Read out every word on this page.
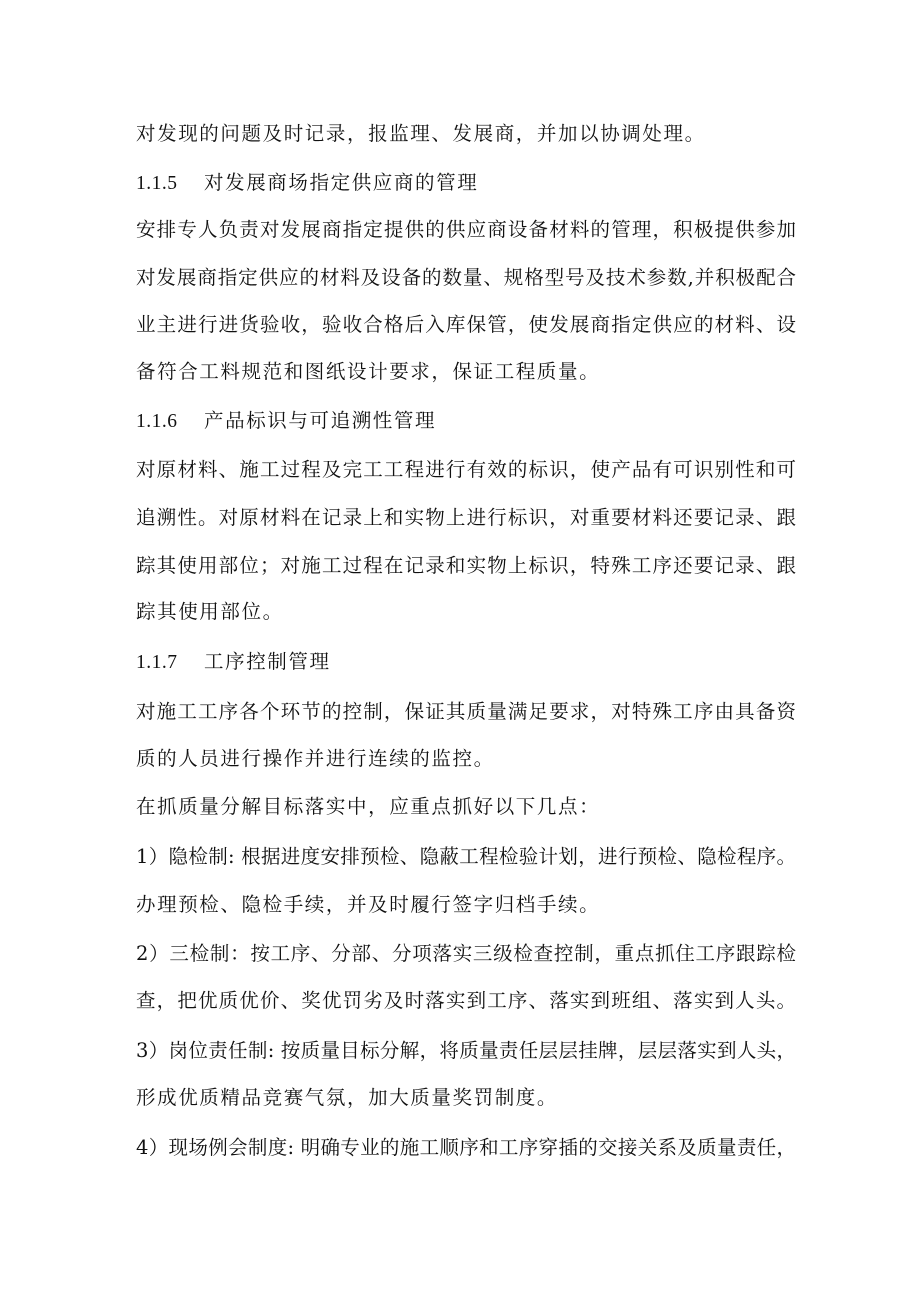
对发现的问题及时记录，报监理、发展商，并加以协调处理。
1.1.5 对发展商场指定供应商的管理
安排专人负责对发展商指定提供的供应商设备材料的管理，积极提供参加
对发展商指定供应的材料及设备的数量、规格型号及技术参数,并积极配合
业主进行进货验收，验收合格后入库保管，使发展商指定供应的材料、设
备符合工料规范和图纸设计要求，保证工程质量。
1.1.6 产品标识与可追溯性管理
对原材料、施工过程及完工工程进行有效的标识，使产品有可识别性和可
追溯性。对原材料在记录上和实物上进行标识，对重要材料还要记录、跟
踪其使用部位；对施工过程在记录和实物上标识，特殊工序还要记录、跟
踪其使用部位。
1.1.7 工序控制管理
对施工工序各个环节的控制，保证其质量满足要求，对特殊工序由具备资
质的人员进行操作并进行连续的监控。
在抓质量分解目标落实中，应重点抓好以下几点：
1）隐检制: 根据进度安排预检、隐蔽工程检验计划，进行预检、隐检程序。
办理预检、隐检手续，并及时履行签字归档手续。
2）三检制：按工序、分部、分项落实三级检查控制，重点抓住工序跟踪检
查，把优质优价、奖优罚劣及时落实到工序、落实到班组、落实到人头。
3）岗位责任制: 按质量目标分解，将质量责任层层挂牌，层层落实到人头，
形成优质精品竞赛气氛，加大质量奖罚制度。
4）现场例会制度: 明确专业的施工顺序和工序穿插的交接关系及质量责任，
